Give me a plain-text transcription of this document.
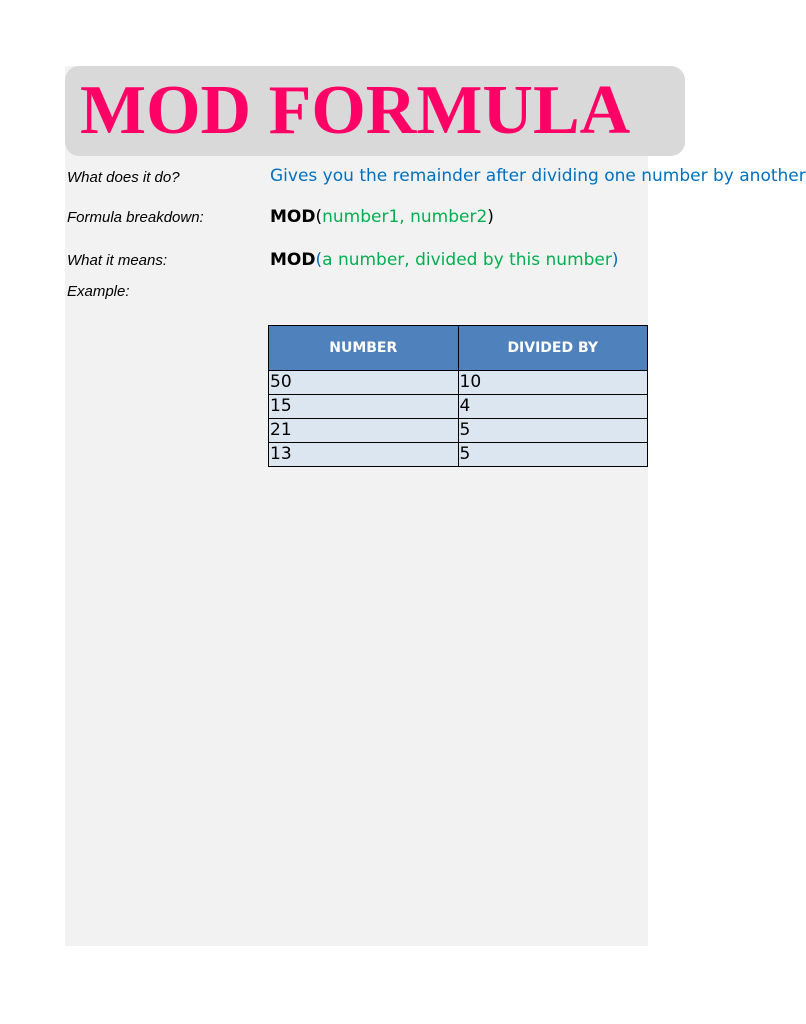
MOD FORMULA
What does it do?	Gives you the remainder after dividing one number by another
Formula breakdown:	MOD(number1, number2)
What it means:	MOD(a number, divided by this number)
Example:
NUMBER	DIVIDED BY
50	10
15	4
21	5
13	5
